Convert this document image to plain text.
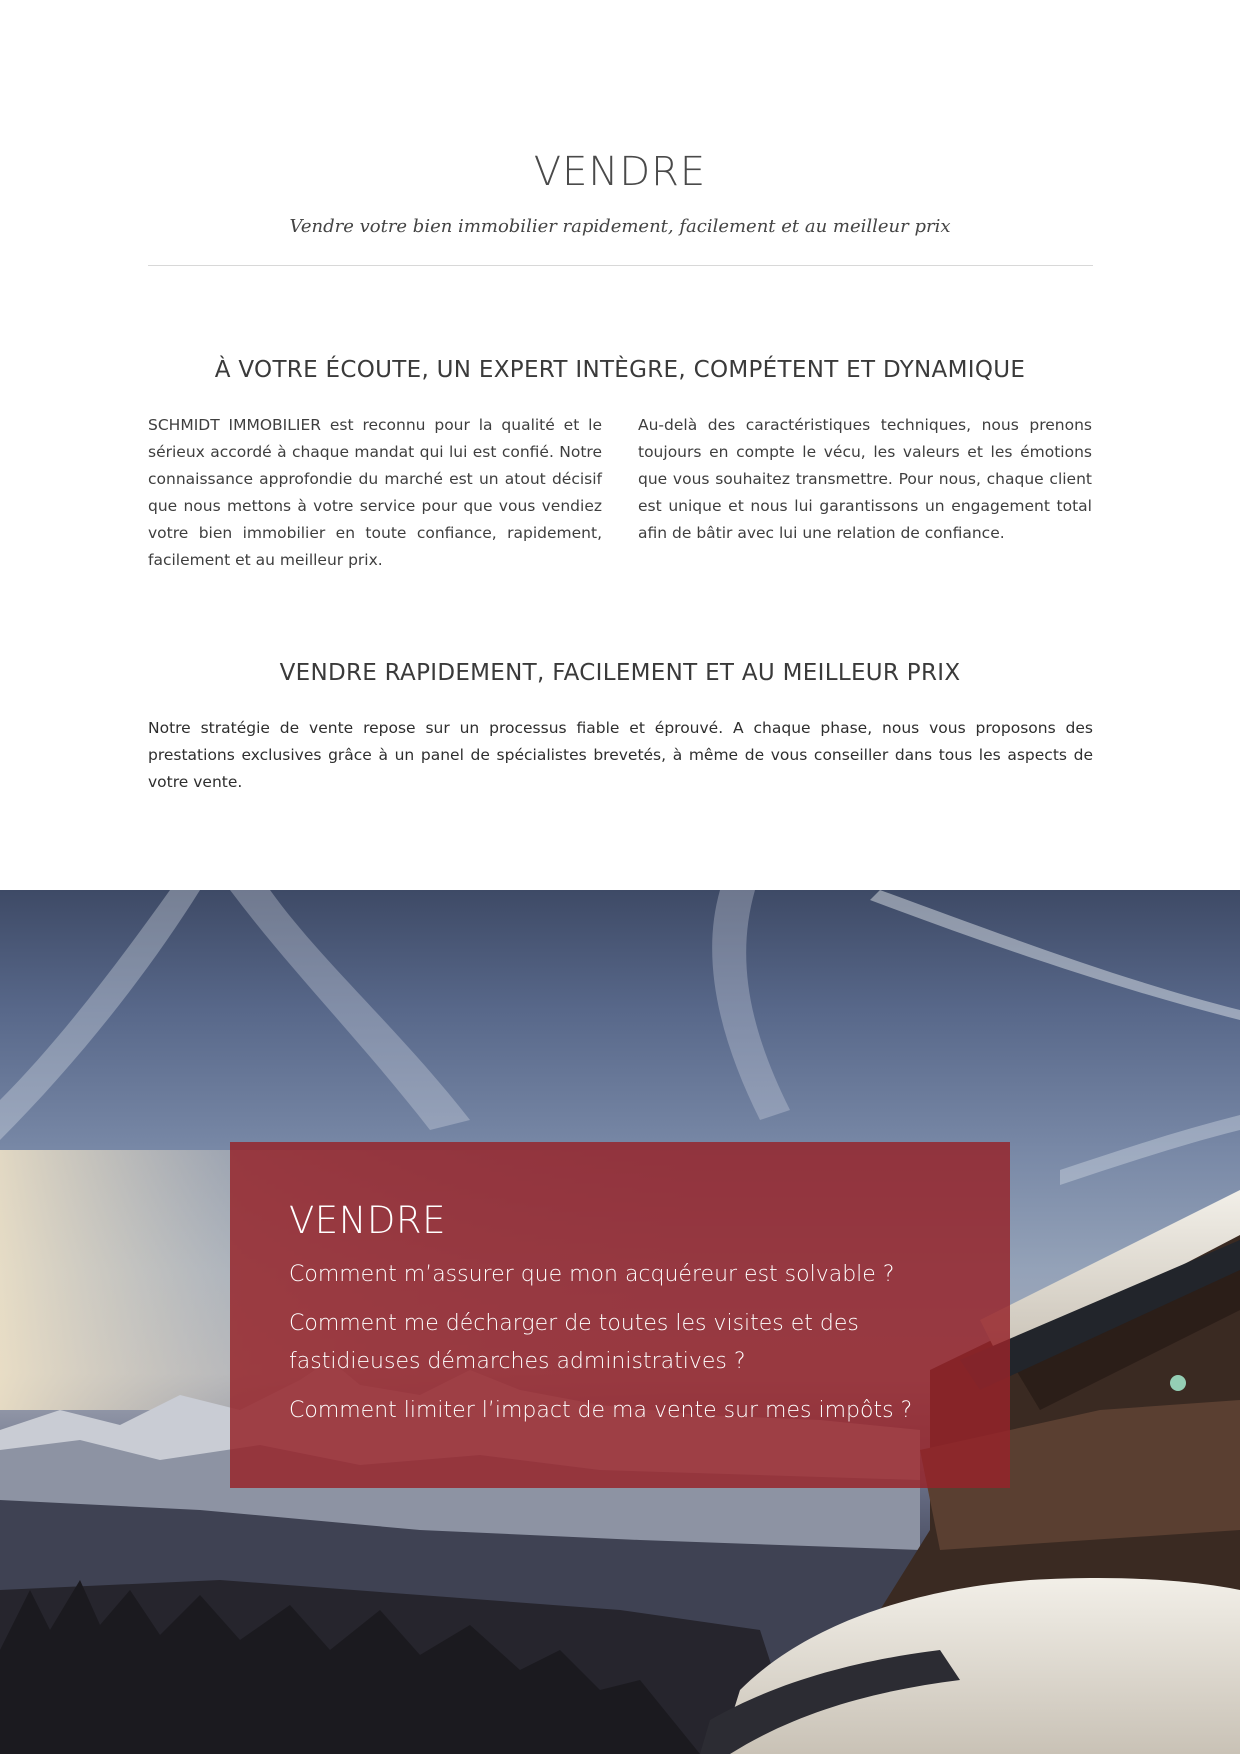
VENDRE

Vendre votre bien immobilier rapidement, facilement et au meilleur prix

À VOTRE ÉCOUTE, UN EXPERT INTÈGRE, COMPÉTENT ET DYNAMIQUE

SCHMIDT IMMOBILIER est reconnu pour la qualité et le sérieux accordé à chaque mandat qui lui est confié. Notre connaissance approfondie du marché est un atout décisif que nous mettons à votre service pour que vous vendiez votre bien immobilier en toute confiance, rapidement, facilement et au meilleur prix.

Au-delà des caractéristiques techniques, nous prenons toujours en compte le vécu, les valeurs et les émotions que vous souhaitez transmettre. Pour nous, chaque client est unique et nous lui garantissons un engagement total afin de bâtir avec lui une relation de confiance.

VENDRE RAPIDEMENT, FACILEMENT ET AU MEILLEUR PRIX

Notre stratégie de vente repose sur un processus fiable et éprouvé. A chaque phase, nous vous proposons des prestations exclusives grâce à un panel de spécialistes brevetés, à même de vous conseiller dans tous les aspects de votre vente.

VENDRE

Comment m’assurer que mon acquéreur est solvable ?

Comment me décharger de toutes les visites et des fastidieuses démarches administratives ?

Comment limiter l’impact de ma vente sur mes impôts ?
